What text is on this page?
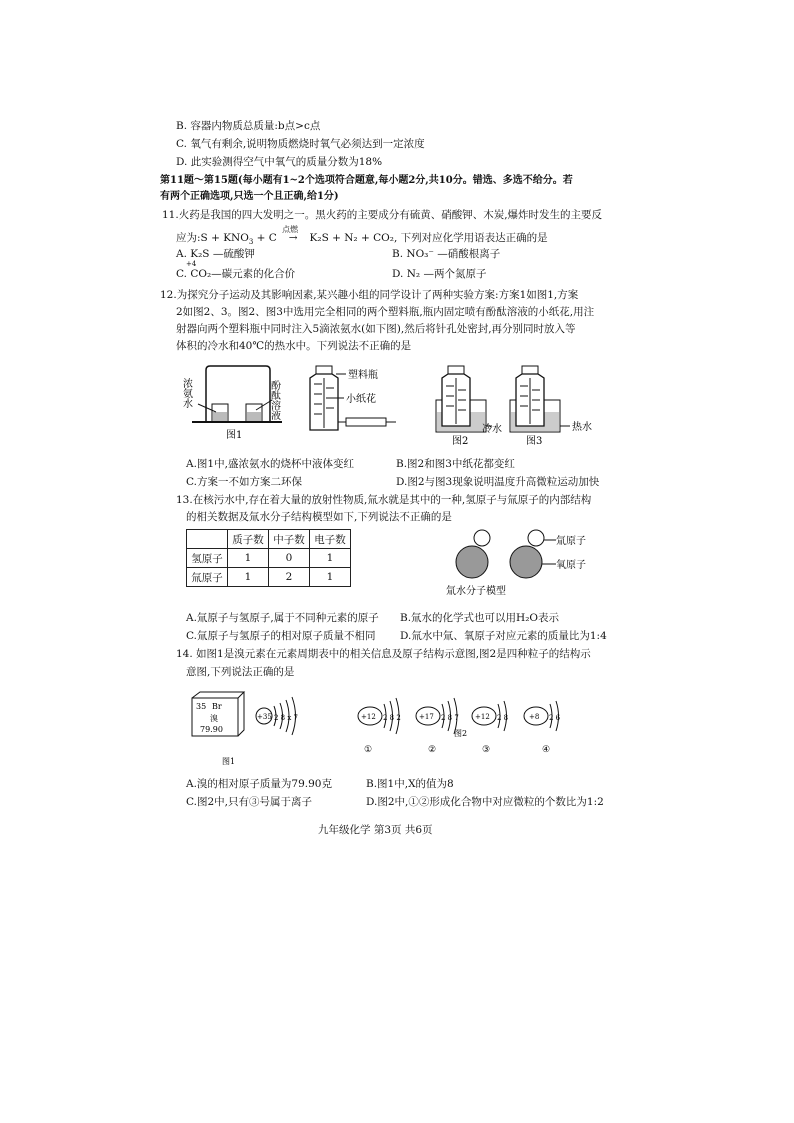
B. 容器内物质总质量:b点>c点
C. 氧气有剩余,说明物质燃烧时氧气必须达到一定浓度
D. 此实验测得空气中氧气的质量分数为18%
第11题～第15题(每小题有1~2个选项符合题意,每小题2分,共10分。错选、多选不给分。若
有两个正确选项,只选一个且正确,给1分)
11.火药是我国的四大发明之一。黑火药的主要成分有硫黄、硝酸钾、木炭,爆炸时发生的主要反
应为:S + $KNO_3 + C$
点燃
→ K₂S + N₂ + CO₂, 下列对应化学用语表达正确的是
A. K₂S —硫酸钾	B. NO₃⁻ —硝酸根离子
+4
C. CO₂—碳元素的化合价	D. N₂ —两个氮原子
12.为探究分子运动及其影响因素,某兴趣小组的同学设计了两种实验方案:方案1如图1,方案
2如图2、3。图2、图3中选用完全相同的两个塑料瓶,瓶内固定喷有酚酞溶液的小纸花,用注
射器向两个塑料瓶中同时注入5滴浓氨水(如下图),然后将针孔处密封,再分别同时放入等
体积的冷水和40℃的热水中。下列说法不正确的是
浓氨水	酚酞溶液
图1
塑料瓶
小纸花
图2
冷水
图3
热水
A.图1中,盛浓氨水的烧杯中液体变红	B.图2和图3中纸花都变红
C.方案一不如方案二环保	D.图2与图3现象说明温度升高微粒运动加快
13.在核污水中,存在着大量的放射性物质,氚水就是其中的一种,氢原子与氚原子的内部结构
的相关数据及氚水分子结构模型如下,下列说法不正确的是
	质子数	中子数	电子数
氢原子	1	0	1
氚原子	1	2	1
氚原子
氧原子
氚水分子模型
A.氚原子与氢原子,属于不同种元素的原子 B.氚水的化学式也可以用H₂O表示
C.氚原子与氢原子的相对原子质量不相同 D.氚水中氚、氧原子对应元素的质量比为1:4
14. 如图1是溴元素在元素周期表中的相关信息及原子结构示意图,图2是四种粒子的结构示
意图,下列说法正确的是
35 Br
溴
79.90
+35 2 8 x 7
图1
+12 2 8 2
①
+17 2 8 7
②
+12 2 8
③
+8 2 6
④
图2
A.溴的相对原子质量为79.90克	B.图1中,X的值为8
C.图2中,只有③号属于离子	D.图2中,①②形成化合物中对应微粒的个数比为1:2
九年级化学 第3页 共6页
